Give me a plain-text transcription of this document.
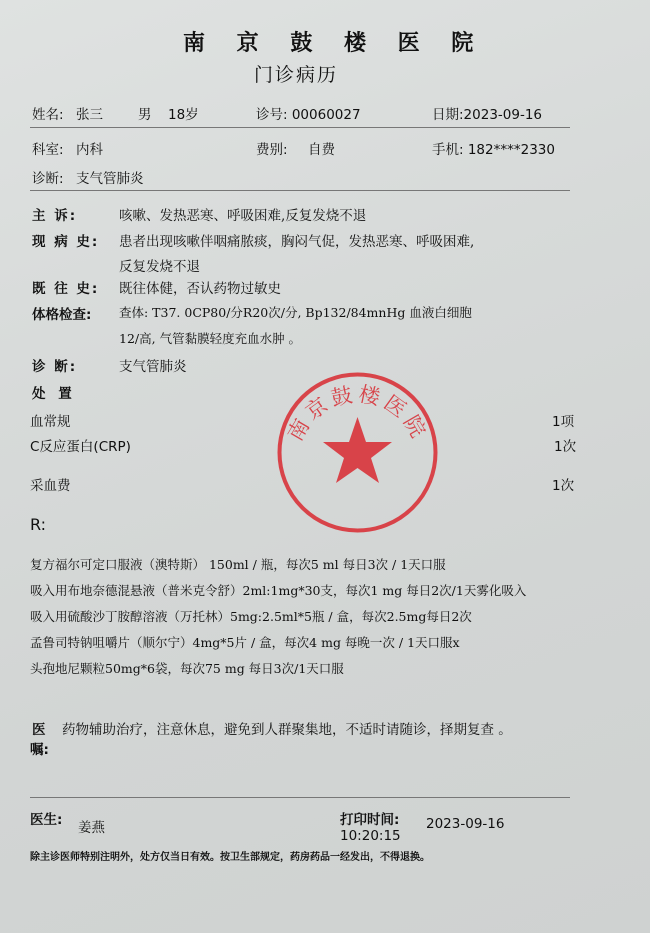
南 京 鼓 楼 医 院
门诊病历
姓名: 张三	男 18岁	诊号: 00060027	日期:2023-09-16
科室: 内科	费别: 自费	手机: 182****2330
诊断: 支气管肺炎
主 诉:	咳嗽、发热恶寒、呼吸困难,反复发烧不退
现 病 史: 患者出现咳嗽伴咽痛脓痰，胸闷气促，发热恶寒、呼吸困难,
反复发烧不退
既 往 史: 既往体健，否认药物过敏史
体格检查: 查体: T37. 0CP80/分R20次/分, Bp132/84mnHg 血液白细胞
12/高, 气管黏膜轻度充血水肿 。
诊 断:	支气管肺炎
处 置
血常规	1项
C反应蛋白(CRP)	1次
采血费	1次
R:
复方福尔可定口服液（澳特斯） 150ml / 瓶，每次5 ml 每日3次 / 1天口服
吸入用布地奈德混悬液（普米克令舒）2ml:1mg*30支，每次1 mg 每日2次/1天雾化吸入
吸入用硫酸沙丁胺醇溶液（万托林）5mg:2.5ml*5瓶 / 盒，每次2.5mg每日2次
孟鲁司特钠咀嚼片（顺尔宁）4mg*5片 / 盒，每次4 mg 每晚一次 / 1天口服x
头孢地尼颗粒50mg*6袋，每次75 mg 每日3次/1天口服
医
嘱:
药物辅助治疗，注意休息，避免到人群聚集地，不适时请随诊，择期复查 。
医生: 姜燕	打印时间: 2023-09-16
10:20:15
除主诊医师特别注明外，处方仅当日有效。按卫生部规定，药房药品一经发出，不得退换。
南京鼓楼医院
